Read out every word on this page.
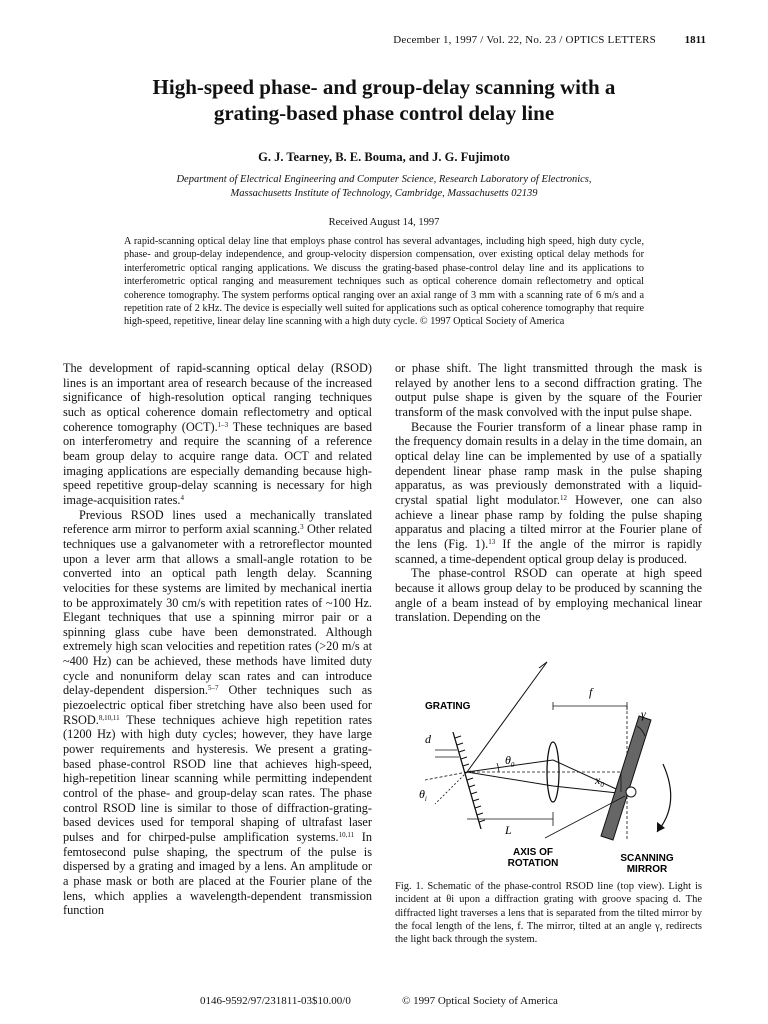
December 1, 1997 / Vol. 22, No. 23 / OPTICS LETTERS	1811
High-speed phase- and group-delay scanning with a
grating-based phase control delay line
G. J. Tearney, B. E. Bouma, and J. G. Fujimoto
Department of Electrical Engineering and Computer Science, Research Laboratory of Electronics,
Massachusetts Institute of Technology, Cambridge, Massachusetts 02139
Received August 14, 1997
A rapid-scanning optical delay line that employs phase control has several advantages, including high speed, high duty cycle, phase- and group-delay independence, and group-velocity dispersion compensation, over existing optical delay methods for interferometric optical ranging applications. We discuss the grating-based phase-control delay line and its applications to interferometric optical ranging and measurement techniques such as optical coherence domain reflectometry and optical coherence tomography. The system performs optical ranging over an axial range of 3 mm with a scanning rate of 6 m/s and a repetition rate of 2 kHz. The device is especially well suited for applications such as optical coherence tomography that require high-speed, repetitive, linear delay line scanning with a high duty cycle. © 1997 Optical Society of America

The development of rapid-scanning optical delay (RSOD) lines is an important area of research because of the increased significance of high-resolution optical ranging techniques such as optical coherence domain reflectometry and optical coherence tomography (OCT).$^{1-3}$ These techniques are based on interferometry and require the scanning of a reference beam group delay to acquire range data. OCT and related imaging applications are especially demanding because high-speed repetitive group-delay scanning is necessary for high image-acquisition rates.$^4$

Previous RSOD lines used a mechanically translated reference arm mirror to perform axial scanning.$^3$ Other related techniques use a galvanometer with a retroreflector mounted upon a lever arm that allows a small-angle rotation to be converted into an optical path length delay. Scanning velocities for these systems are limited by mechanical inertia to be approximately 30 cm/s with repetition rates of ~100 Hz. Elegant techniques that use a spinning mirror pair or a spinning glass cube have been demonstrated. Although extremely high scan velocities and repetition rates (>20 m/s at ~400 Hz) can be achieved, these methods have limited duty cycle and nonuniform delay scan rates and can introduce delay-dependent dispersion.$^{5-7}$ Other techniques such as piezoelectric optical fiber stretching have also been used for RSOD.$^{8,10,11}$ These techniques achieve high repetition rates (1200 Hz) with high duty cycles; however, they have large power requirements and hysteresis. We present a grating-based phase-control RSOD line that achieves high-speed, high-repetition linear scanning while permitting independent control of the phase- and group-delay scan rates. The phase control RSOD line is similar to those of diffraction-grating-based devices used for temporal shaping of ultrafast laser pulses and for chirped-pulse amplification systems.$^{10,11}$ In femtosecond pulse shaping, the spectrum of the pulse is dispersed by a grating and imaged by a lens. An amplitude or a phase mask or both are placed at the Fourier plane of the lens, which applies a wavelength-dependent transmission function

or phase shift. The light transmitted through the mask is relayed by another lens to a second diffraction grating. The output pulse shape is given by the square of the Fourier transform of the mask convolved with the input pulse shape.

Because the Fourier transform of a linear phase ramp in the frequency domain results in a delay in the time domain, an optical delay line can be implemented by use of a spatially dependent linear phase ramp mask in the pulse shaping apparatus, as was previously demonstrated with a liquid-crystal spatial light modulator.$^{12}$ However, one can also achieve a linear phase ramp by folding the pulse shaping apparatus and placing a tilted mirror at the Fourier plane of the lens (Fig. 1).$^{13}$ If the angle of the mirror is rapidly scanned, a time-dependent optical group delay is produced.

The phase-control RSOD can operate at high speed because it allows group delay to be produced by scanning the angle of a beam instead of by employing mechanical linear translation. Depending on the

d
$\theta_i$
$\theta_0$
f
L
γ
$x_0$
GRATING
AXIS OF
ROTATION	SCANNING
MIRROR
Fig. 1. Schematic of the phase-control RSOD line (top view). Light is incident at θi upon a diffraction grating with groove spacing d. The diffracted light traverses a lens that is separated from the tilted mirror by the focal length of the lens, f. The mirror, tilted at an angle γ, redirects the light back through the system.
0146-9592/97/231811-03$10.00/0	© 1997 Optical Society of America
